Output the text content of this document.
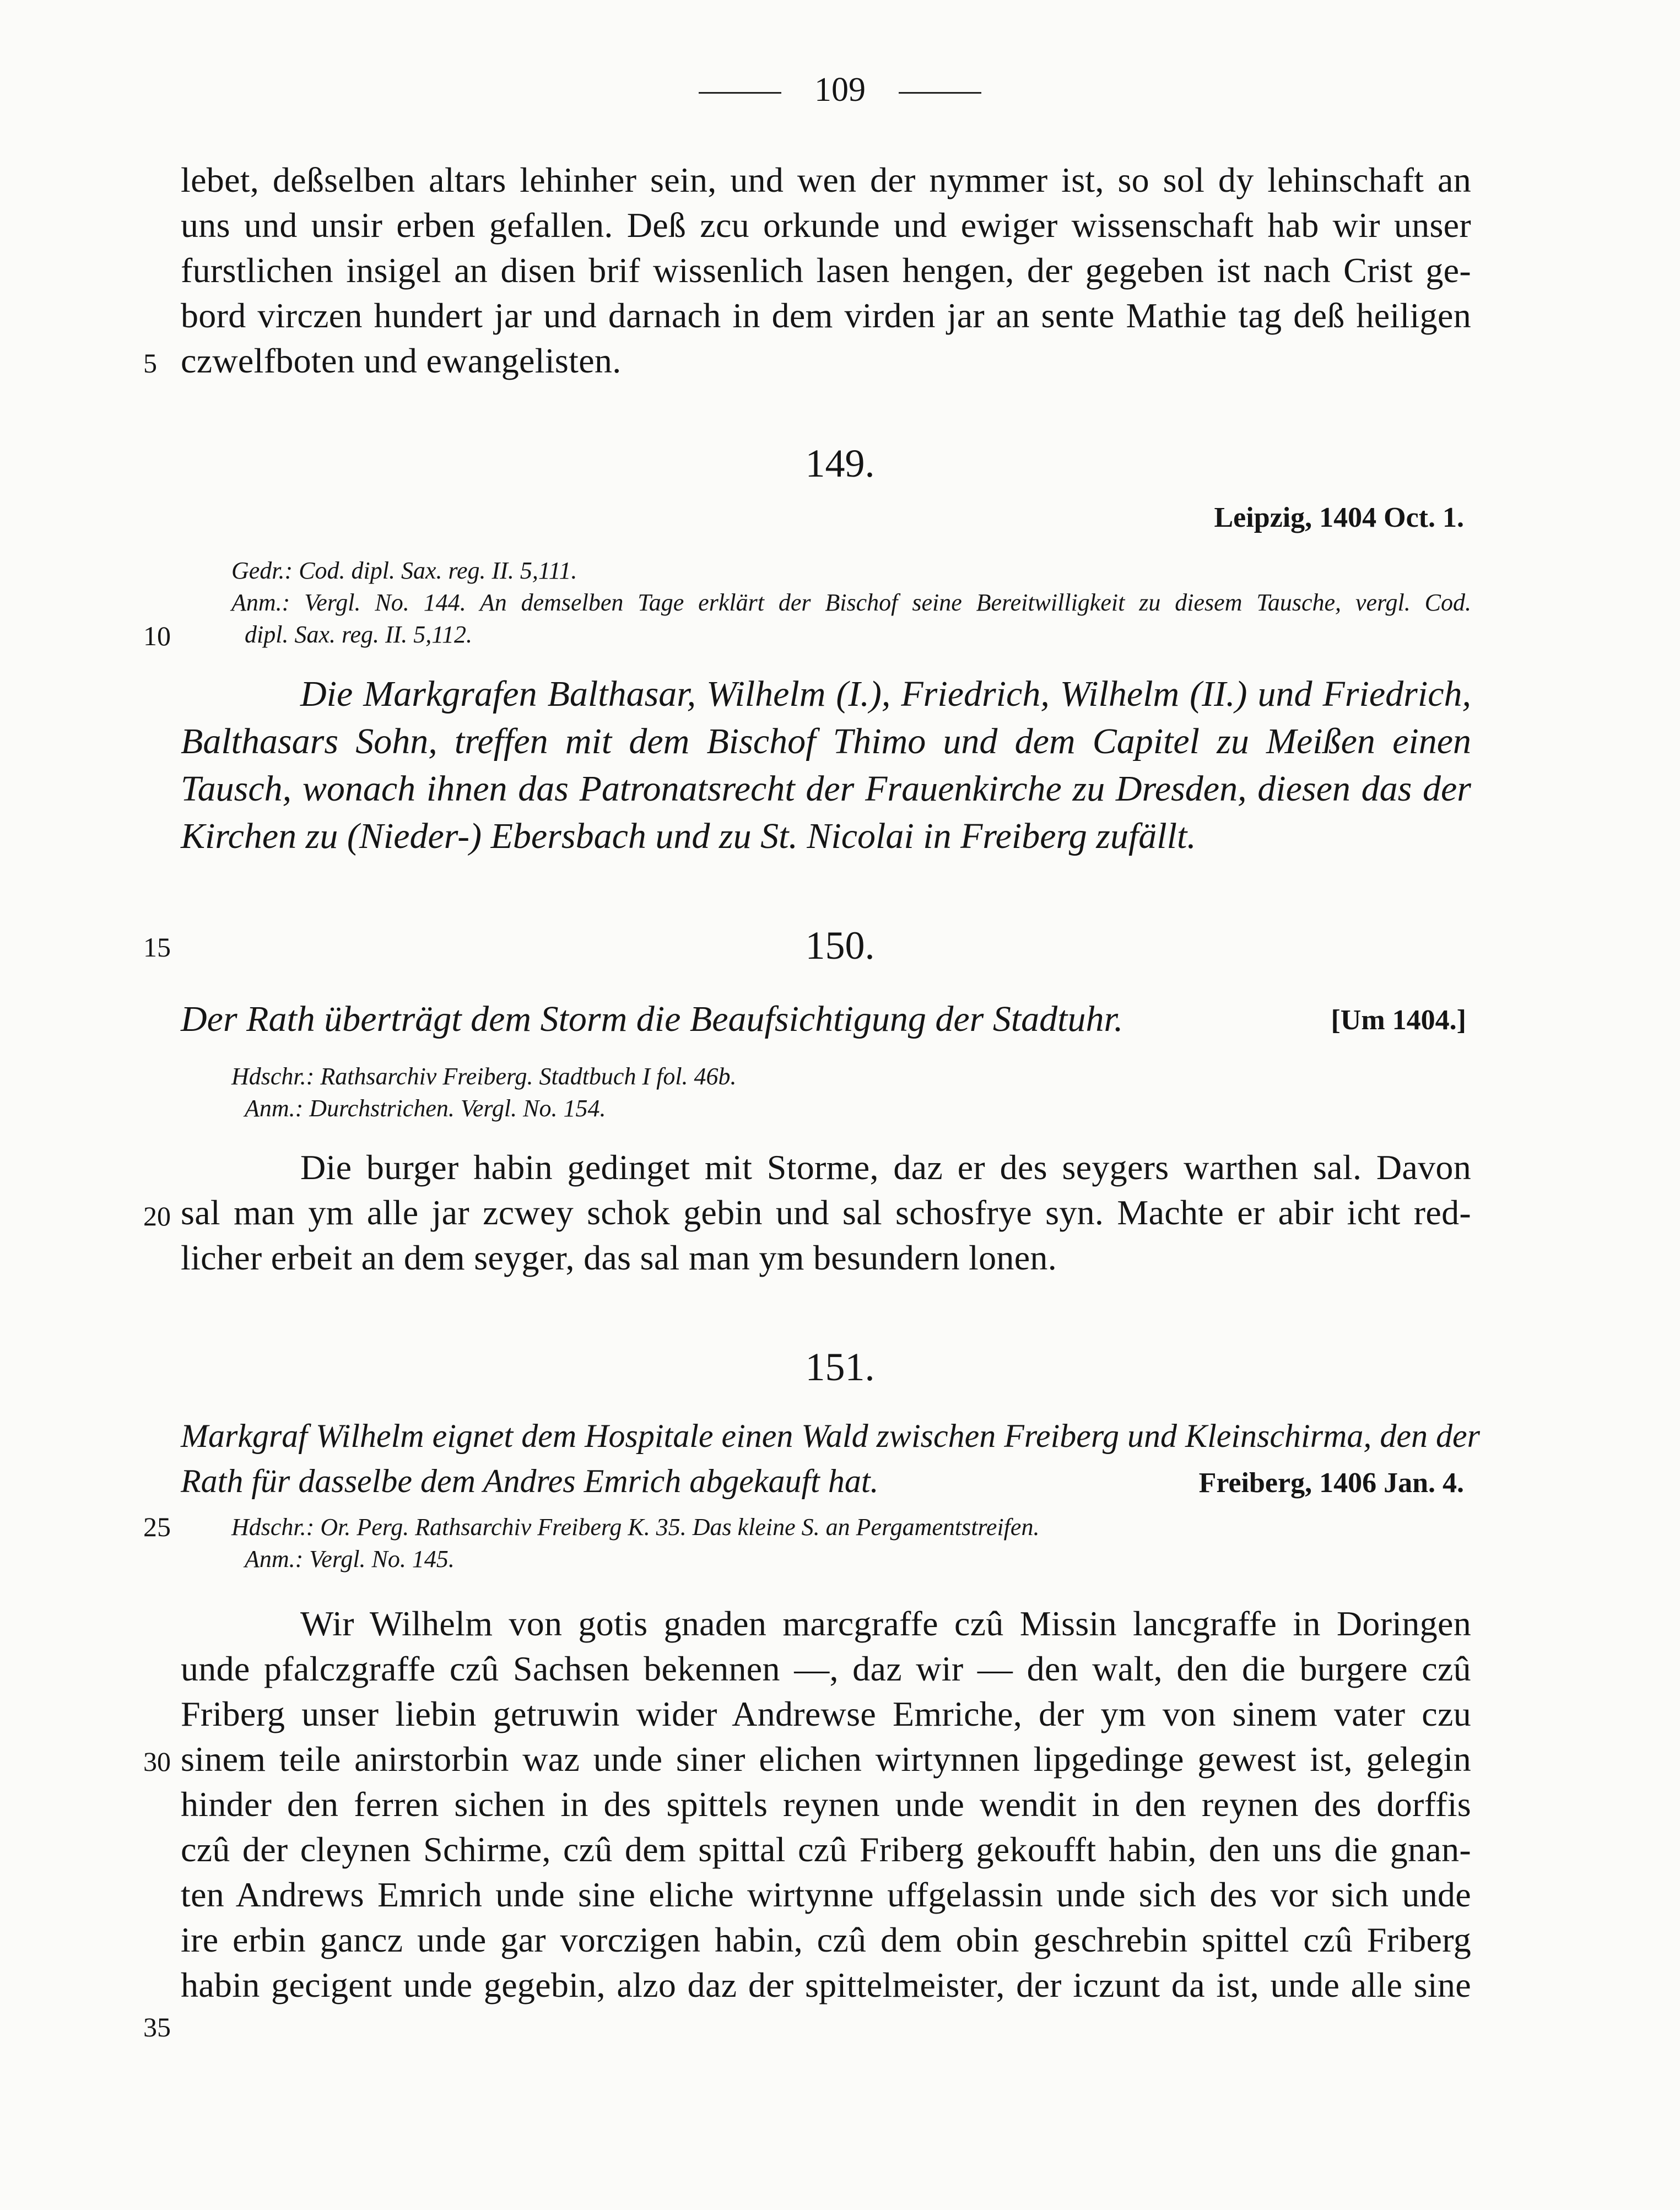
109
lebet, deßselben altars lehinher sein, und wen der nymmer ist, so sol dy lehinschaft an
uns und unsir erben gefallen. Deß zcu orkunde und ewiger wissenschaft hab wir unser
furstlichen insigel an disen brif wissenlich lasen hengen, der gegeben ist nach Crist ge-
bord virczen hundert jar und darnach in dem virden jar an sente Mathie tag deß heiligen
czwelfboten und ewangelisten.
5
10
15
20
25
30
35
149.
Leipzig, 1404 Oct. 1.
Gedr.: Cod. dipl. Sax. reg. II. 5,111.
Anm.: Vergl. No. 144. An demselben Tage erklärt der Bischof seine Bereitwilligkeit zu diesem Tausche, vergl. Cod.
dipl. Sax. reg. II. 5,112.
Die Markgrafen Balthasar, Wilhelm (I.), Friedrich, Wilhelm (II.) und Friedrich,
Balthasars Sohn, treffen mit dem Bischof Thimo und dem Capitel zu Meißen einen
Tausch, wonach ihnen das Patronatsrecht der Frauenkirche zu Dresden, diesen das der
Kirchen zu (Nieder-) Ebersbach und zu St. Nicolai in Freiberg zufällt.
150.
Der Rath überträgt dem Storm die Beaufsichtigung der Stadtuhr.	[Um 1404.]
Hdschr.: Rathsarchiv Freiberg. Stadtbuch I fol. 46b.
Anm.: Durchstrichen. Vergl. No. 154.
Die burger habin gedinget mit Storme, daz er des seygers warthen sal. Davon
sal man ym alle jar zcwey schok gebin und sal schosfrye syn. Machte er abir icht red-
licher erbeit an dem seyger, das sal man ym besundern lonen.
151.
Markgraf Wilhelm eignet dem Hospitale einen Wald zwischen Freiberg und Kleinschirma, den der
Rath für dasselbe dem Andres Emrich abgekauft hat.	Freiberg, 1406 Jan. 4.
Hdschr.: Or. Perg. Rathsarchiv Freiberg K. 35. Das kleine S. an Pergamentstreifen.
Anm.: Vergl. No. 145.
Wir Wilhelm von gotis gnaden marcgraffe czû Missin lancgraffe in Doringen
unde pfalczgraffe czû Sachsen bekennen —, daz wir — den walt, den die burgere czû
Friberg unser liebin getruwin wider Andrewse Emriche, der ym von sinem vater czu
sinem teile anirstorbin waz unde siner elichen wirtynnen lipgedinge gewest ist, gelegin
hinder den ferren sichen in des spittels reynen unde wendit in den reynen des dorffis
czû der cleynen Schirme, czû dem spittal czû Friberg gekoufft habin, den uns die gnan-
ten Andrews Emrich unde sine eliche wirtynne uffgelassin unde sich des vor sich unde
ire erbin gancz unde gar vorczigen habin, czû dem obin geschrebin spittel czû Friberg
habin gecigent unde gegebin, alzo daz der spittelmeister, der iczunt da ist, unde alle sine
